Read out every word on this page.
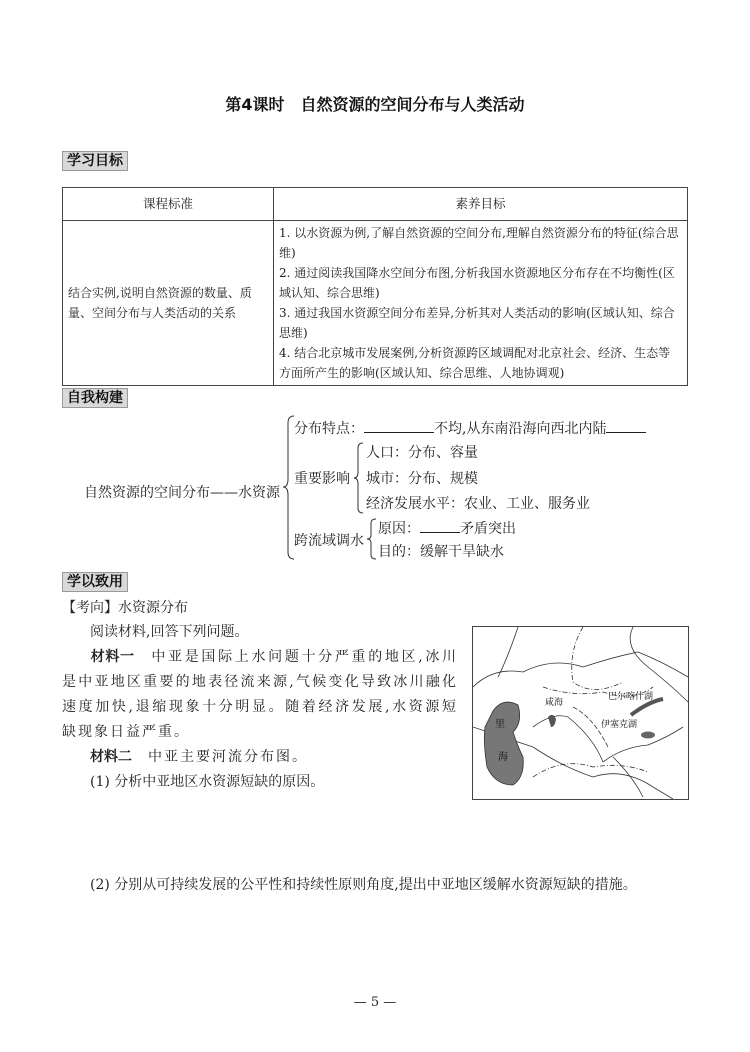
第4课时　自然资源的空间分布与人类活动
学习目标
课程标准	素养目标
结合实例,说明自然资源的数量、质量、空间分布与人类活动的关系	1. 以水资源为例,了解自然资源的空间分布,理解自然资源分布的特征(综合思维)
2. 通过阅读我国降水空间分布图,分析我国水资源地区分布存在不均衡性(区域认知、综合思维)
3. 通过我国水资源空间分布差异,分析其对人类活动的影响(区域认知、综合思维)
4. 结合北京城市发展案例,分析资源跨区域调配对北京社会、经济、生态等方面所产生的影响(区域认知、综合思维、人地协调观)
自我构建
自然资源的空间分布——水资源
分布特点：	不均,从东南沿海向西北内陆
重要影响
人口：分布、容量
城市：分布、规模
经济发展水平：农业、工业、服务业
跨流域调水
原因：	矛盾突出
目的：缓解干旱缺水
学以致用
【考向】水资源分布
阅读材料,回答下列问题。
材料一　 中亚是国际上水问题十分严重的地区,冰川是中亚地区重要的地表径流来源,气候变化导致冰川融化速度加快,退缩现象十分明显。随着经济发展,水资源短缺现象日益严重。
材料二　 中亚主要河流分布图。
(1) 分析中亚地区水资源短缺的原因。
(2) 分别从可持续发展的公平性和持续性原则角度,提出中亚地区缓解水资源短缺的措施。
里
海
咸海
巴尔喀什湖
伊塞克湖
— 5 —
